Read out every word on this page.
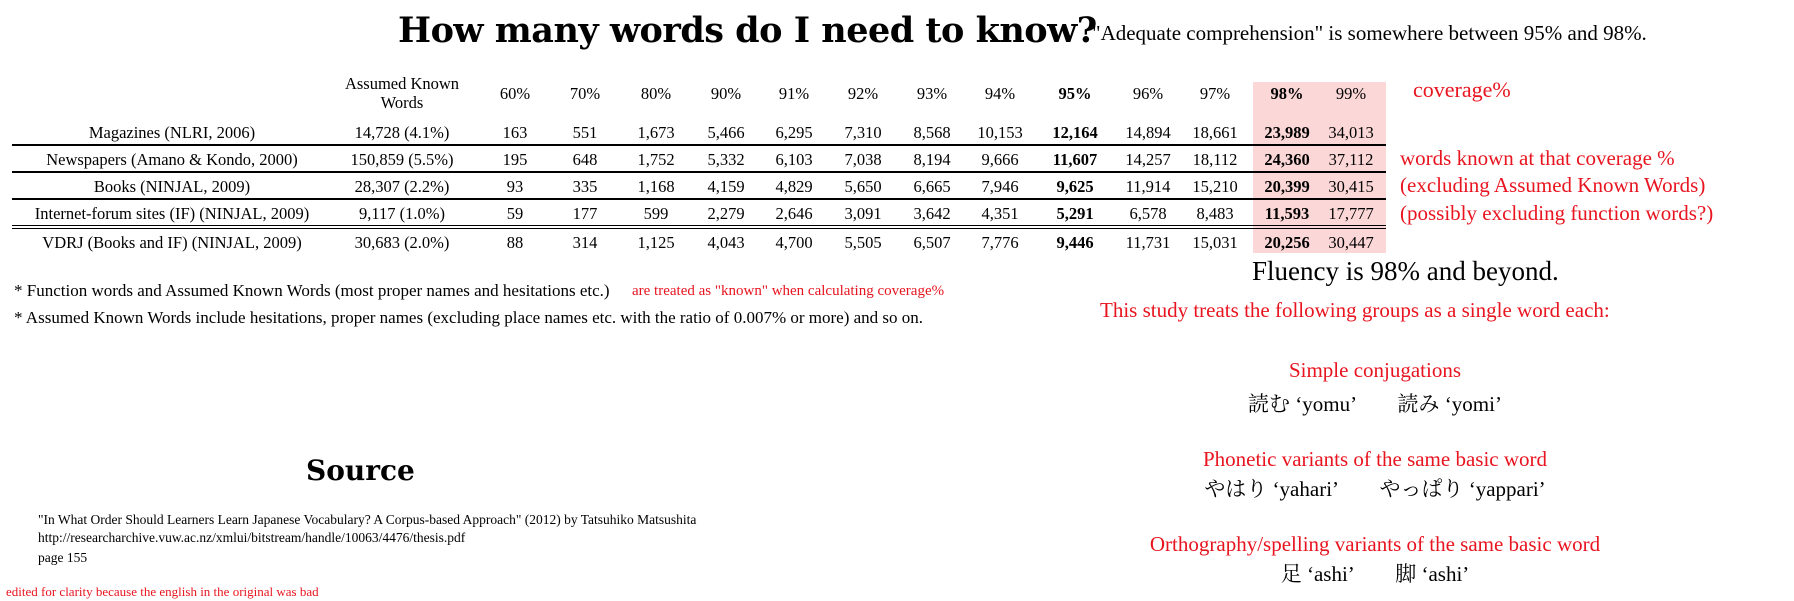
How many words do I need to know?
"Adequate comprehension" is somewhere between 95% and 98%.
Assumed Known
Words	60%	70%	80%	90%	91%	92%	93%	94%	95%	96%	97%	98%	99%
Magazines (NLRI, 2006)	14,728 (4.1%)	163	551	1,673	5,466	6,295	7,310	8,568	10,153	12,164	14,894	18,661	23,989	34,013
Newspapers (Amano & Kondo, 2000)	150,859 (5.5%)	195	648	1,752	5,332	6,103	7,038	8,194	9,666	11,607	14,257	18,112	24,360	37,112
Books (NINJAL, 2009)	28,307 (2.2%)	93	335	1,168	4,159	4,829	5,650	6,665	7,946	9,625	11,914	15,210	20,399	30,415
Internet-forum sites (IF) (NINJAL, 2009)	9,117 (1.0%)	59	177	599	2,279	2,646	3,091	3,642	4,351	5,291	6,578	8,483	11,593	17,777
VDRJ (Books and IF) (NINJAL, 2009)	30,683 (2.0%)	88	314	1,125	4,043	4,700	5,505	6,507	7,776	9,446	11,731	15,031	20,256	30,447
coverage%
words known at that coverage %
(excluding Assumed Known Words)
(possibly excluding function words?)
Fluency is 98% and beyond.
This study treats the following groups as a single word each:
Simple conjugations
読む ‘yomu’　　読み ‘yomi’
Phonetic variants of the same basic word
やはり ‘yahari’　　やっぱり ‘yappari’
Orthography/spelling variants of the same basic word
足 ‘ashi’　　脚 ‘ashi’
* Function words and Assumed Known Words (most proper names and hesitations etc.) are treated as "known" when calculating coverage%
* Assumed Known Words include hesitations, proper names (excluding place names etc. with the ratio of 0.007% or more) and so on.
Source
"In What Order Should Learners Learn Japanese Vocabulary? A Corpus-based Approach" (2012) by Tatsuhiko Matsushita
http://researcharchive.vuw.ac.nz/xmlui/bitstream/handle/10063/4476/thesis.pdf
page 155
edited for clarity because the english in the original was bad
